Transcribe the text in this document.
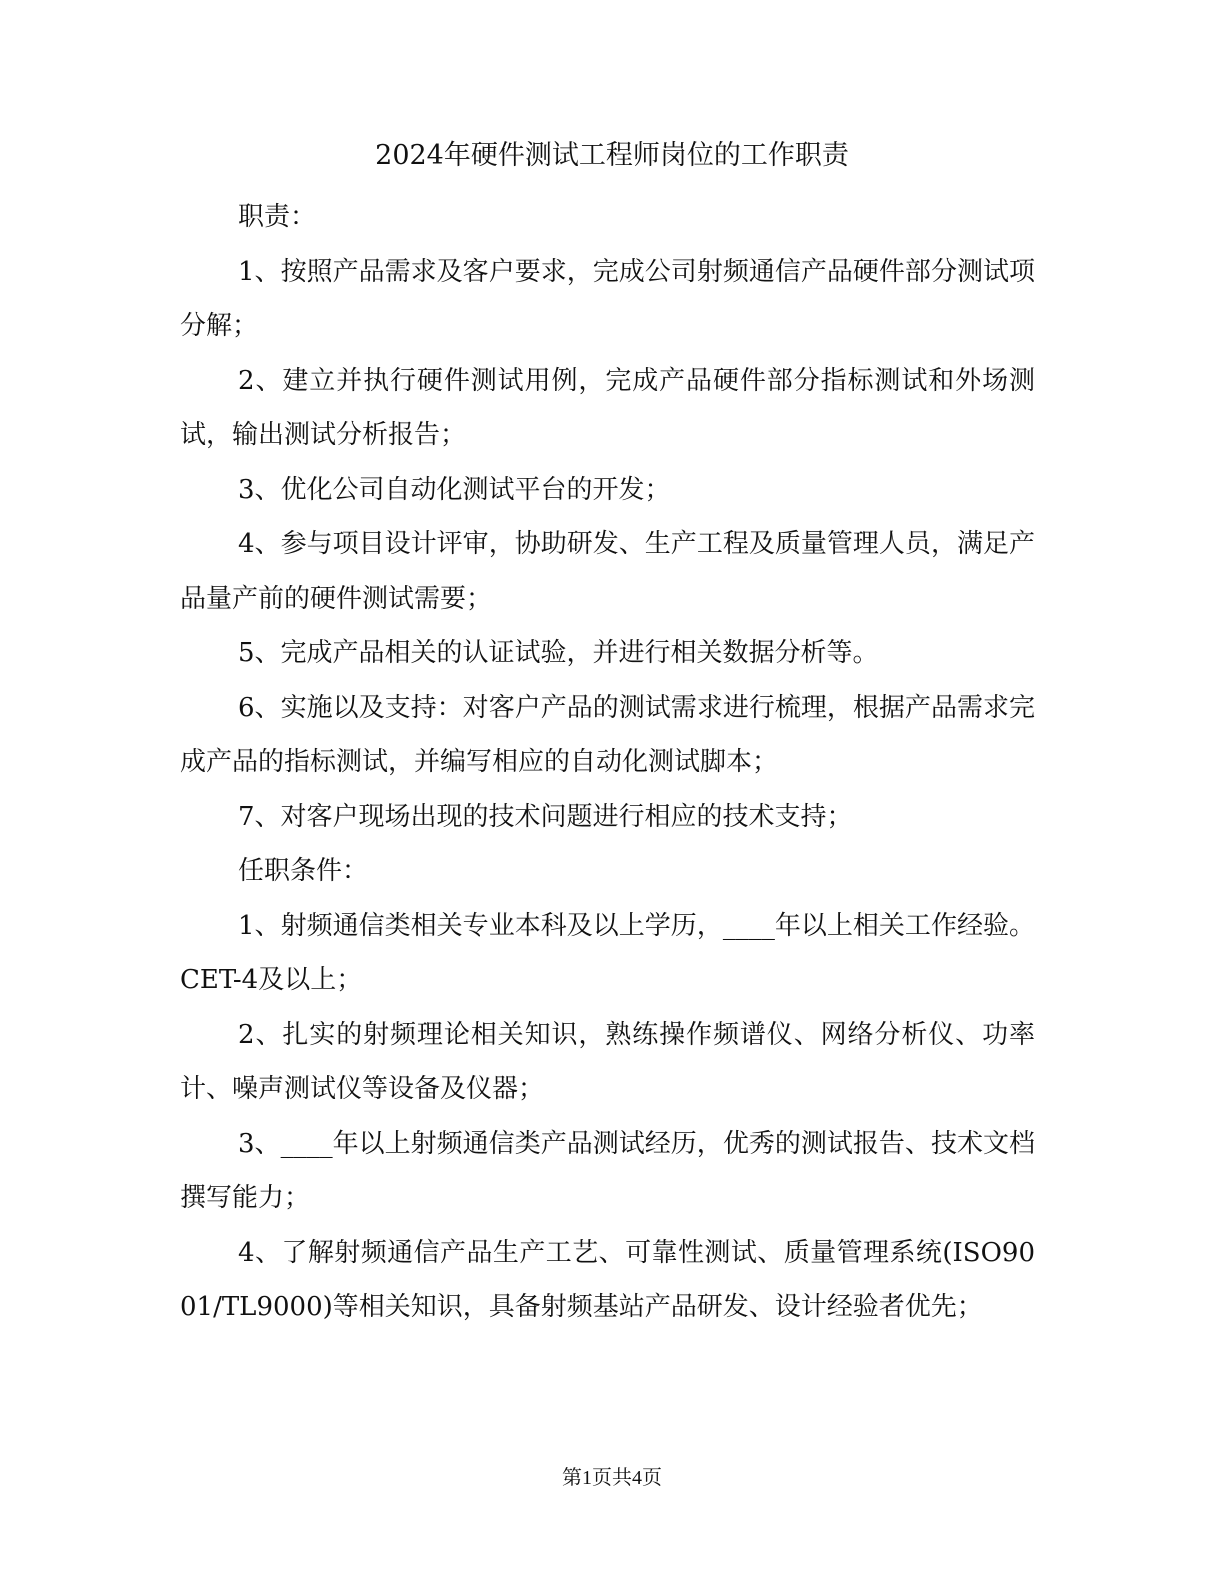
2024年硬件测试工程师岗位的工作职责

职责：

1、按照产品需求及客户要求，完成公司射频通信产品硬件部分测试项分解；

2、建立并执行硬件测试用例，完成产品硬件部分指标测试和外场测试，输出测试分析报告；

3、优化公司自动化测试平台的开发；

4、参与项目设计评审，协助研发、生产工程及质量管理人员，满足产品量产前的硬件测试需要；

5、完成产品相关的认证试验，并进行相关数据分析等。

6、实施以及支持：对客户产品的测试需求进行梳理，根据产品需求完成产品的指标测试，并编写相应的自动化测试脚本；

7、对客户现场出现的技术问题进行相应的技术支持；

任职条件：

1、射频通信类相关专业本科及以上学历，____年以上相关工作经验。CET-4及以上；

2、扎实的射频理论相关知识，熟练操作频谱仪、网络分析仪、功率计、噪声测试仪等设备及仪器；

3、____年以上射频通信类产品测试经历，优秀的测试报告、技术文档撰写能力；

4、了解射频通信产品生产工艺、可靠性测试、质量管理系统(ISO9001/TL9000)等相关知识，具备射频基站产品研发、设计经验者优先；

第1页共4页
